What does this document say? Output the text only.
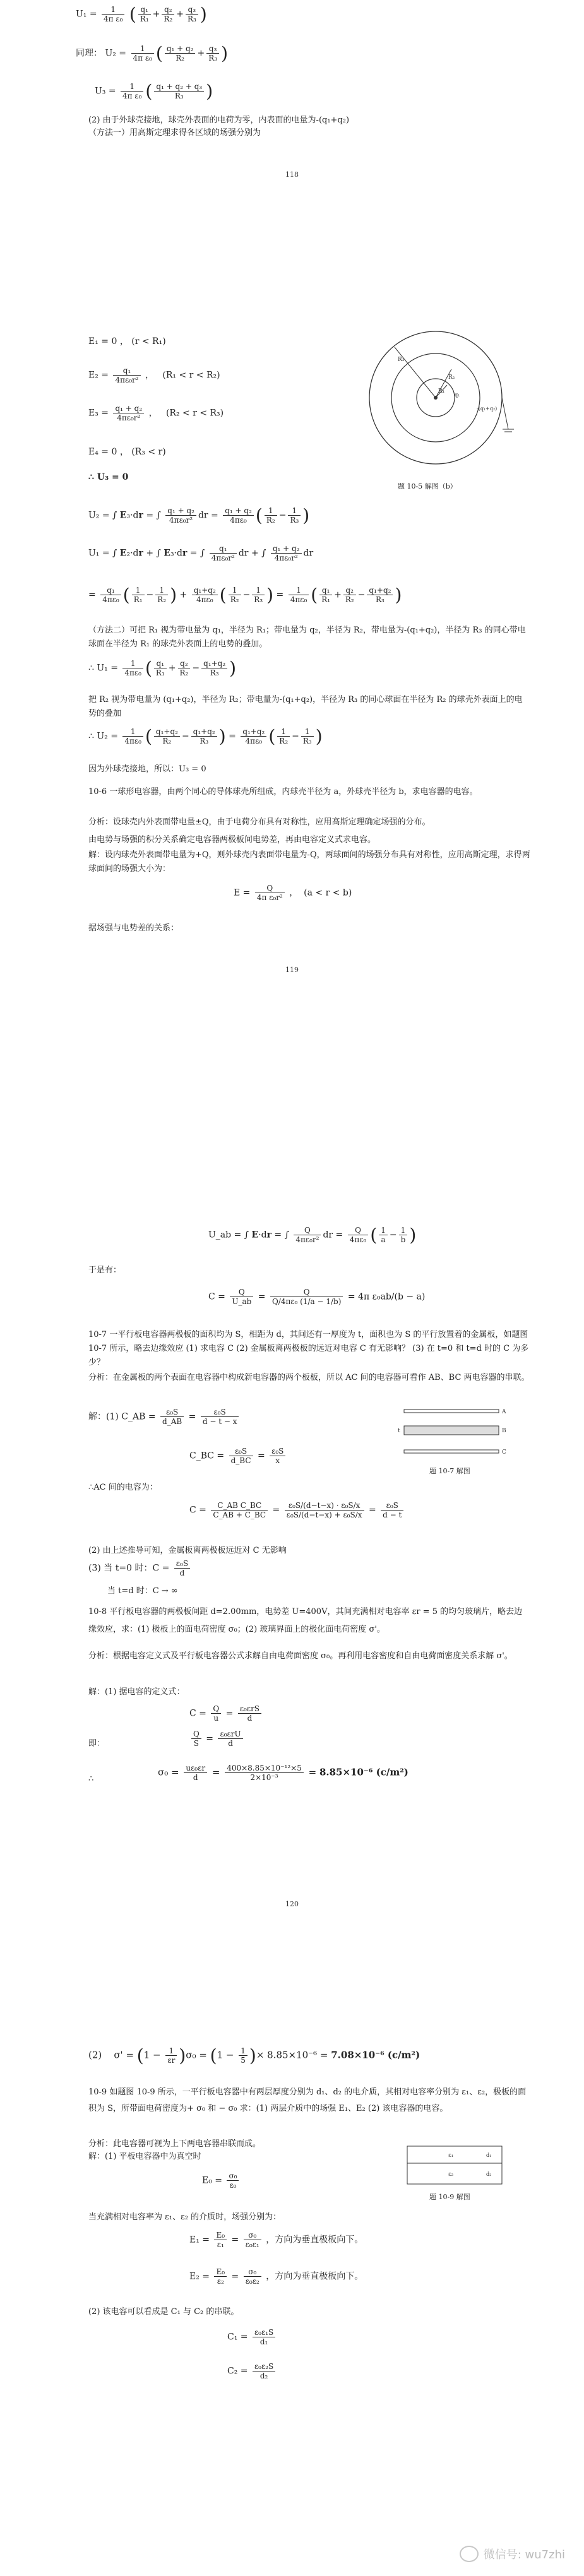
$U_1 = \frac{1}{\text{4π ε₀}}$ ( $\frac{\text{q₁}}{\text{R₁}} + \frac{\text{q₂}}{\text{R₂}} + \frac{\text{q₃}}{\text{R₃}}$ )
同理： $U_2 = \frac{1}{\text{4π ε₀}}$ ( $\frac{\text{q₁ + q₂}}{\text{R₂}} + \frac{\text{q₃}}{\text{R₃}}$ )
$U_3 = \frac{1}{\text{4π ε₀}}$ ( $\frac{\text{q₁ + q₂ + q₃}}{\text{R₃}}$ )
(2) 由于外球壳接地，球壳外表面的电荷为零，内表面的电量为-(q₁+q₂)
（方法一）用高斯定理求得各区域的场强分别为
118
E₁ = 0 ， (r < R₁)
$E_2 = \frac{\text{q₁}}{\text{4πε₀r²}}$ ，   (R₁ < r < R₂)
$E_3 = \frac{\text{q₁ + q₂}}{\text{4πε₀r²}}$ ，   (R₂ < r < R₃)
E₄ = 0 ， (R₃ < r)
∴ U₃ = 0
R₃
R₂
R₁
q₁
-(q₁+q₂)
题 10-5 解图（b）
U₂ = ∫ E₃·dr = ∫ $\frac{\text{q₁ + q₂}}{\text{4πε₀r²}}$ dr = $\frac{\text{q₁ + q₂}}{\text{4πε₀}}$ ( $\frac{1}{\text{R₂}} - \frac{1}{\text{R₃}}$ )
U₁ = ∫ E₂·dr + ∫ E₃·dr = ∫ $\frac{\text{q₁}}{\text{4πε₀r²}}$ dr + ∫ $\frac{\text{q₁ + q₂}}{\text{4πε₀r²}}$ dr
= $\frac{\text{q₁}}{\text{4πε₀}}$ ( $\frac{1}{\text{R₁}} - \frac{1}{\text{R₂}}$ ) + $\frac{\text{q₁+q₂}}{\text{4πε₀}}$ ( $\frac{1}{\text{R₂}} - \frac{1}{\text{R₃}}$ ) = $\frac{1}{\text{4πε₀}}$ ( $\frac{\text{q₁}}{\text{R₁}} + \frac{\text{q₂}}{\text{R₂}} - \frac{\text{q₁+q₂}}{\text{R₃}}$ )
（方法二）可把 R₁ 视为带电量为 q₁，半径为 R₁；带电量为 q₂，半径为 R₂，带电量为-(q₁+q₂)，半径为 R₃ 的同心带电球面在半径为 R₁ 的球壳外表面上的电势的叠加。
∴ $U_1 = \frac{1}{\text{4πε₀}}$ ( $\frac{\text{q₁}}{\text{R₁}} + \frac{\text{q₂}}{\text{R₂}} - \frac{\text{q₁+q₂}}{\text{R₃}}$ )
把 R₂ 视为带电量为 (q₁+q₂)，半径为 R₂；带电量为-(q₁+q₂)，半径为 R₃ 的同心球面在半径为 R₂ 的球壳外表面上的电势的叠加
∴ $U_2 = \frac{1}{\text{4πε₀}}$ ( $\frac{\text{q₁+q₂}}{\text{R₂}} - \frac{\text{q₁+q₂}}{\text{R₃}}$ ) = $\frac{\text{q₁+q₂}}{\text{4πε₀}}$ ( $\frac{1}{\text{R₂}} - \frac{1}{\text{R₃}}$ )
因为外球壳接地，所以：U₃ = 0
10-6 一球形电容器，由两个同心的导体球壳所组成，内球壳半径为 a，外球壳半径为 b，求电容器的电容。
分析：设球壳内外表面带电量±Q，由于电荷分布具有对称性，应用高斯定理确定场强的分布。
由电势与场强的积分关系确定电容器两极板间电势差，再由电容定义式求电容。
解：设内球壳外表面带电量为+Q，则外球壳内表面带电量为-Q，两球面间的场强分布具有对称性，应用高斯定理，求得两球面间的场强大小为：
$E = \frac{Q}{\text{4π ε₀r²}}$ ，  (a < r < b)
据场强与电势差的关系：
119
U_ab = ∫ E·dr = ∫ $\frac{Q}{\text{4πε₀r²}}$ dr = $\frac{Q}{\text{4πε₀}}$ ( $\frac{1}{a} - \frac{1}{b}$ )
于是有：
$C = \frac{Q}{U\_ab} = \frac{Q}{\text{Q/4πε₀ (1/a − 1/b)}} = 4\pi$ ε₀ab/(b − a)
10-7 一平行板电容器两极板的面积均为 S，相距为 d，其间还有一厚度为 t，面积也为 S 的平行放置着的金属板，如题图 10-7 所示，略去边缘效应 (1) 求电容 C (2) 金属板离两极板的远近对电容 C 有无影响？ (3) 在 t=0 和 t=d 时的 C 为多少？
分析：在金属板的两个表面在电容器中构成新电容器的两个板板，所以 AC 间的电容器可看作 AB、BC 两电容器的串联。
解：(1) C_AB = $\frac{\text{ε₀S}}{d\_AB} = \frac{\text{ε₀S}}{d - t - x}$
C_BC = $\frac{\text{ε₀S}}{d\_BC} = \frac{\text{ε₀S}}{x}$
A
B
C
t
题 10-7 解图
∴AC 间的电容为：
$C = \frac{\text{C\_AB C\_BC}}{C\_AB + C\_BC} = \frac{\text{ε₀S/(d−t−x) · ε₀S/x}}{\text{ε₀S/(d−t−x) + ε₀S/x}} = \frac{\text{ε₀S}}{d - t}$
(2) 由上述推导可知，金属板离两极板远近对 C 无影响
(3) 当 t=0 时：$C = \frac{\text{ε₀S}}{d}$
当 t=d 时：C → ∞
10-8 平行板电容器的两极板间距 d=2.00mm，电势差 U=400V，其间充满相对电容率 εr = 5 的均匀玻璃片，略去边缘效应，求：(1) 极板上的面电荷密度 σ₀；(2) 玻璃界面上的极化面电荷密度 σ'。
分析：根据电容定义式及平行板电容器公式求解自由电荷面密度 σ₀。再利用电容密度和自由电荷面密度关系求解 σ'。
解：(1) 据电容的定义式：
$C = \frac{Q}{u} = \frac{\text{ε₀εrS}}{d}$
即：	$\frac{Q}{S} = \frac{\text{ε₀εrU}}{d}$
∴
$\sigma_0 = \frac{\text{uε₀εr}}{d} = \frac{\text{400×8.85×10⁻¹²×5}}{\text{2×10⁻³}} = 8.85\times 10^{-6}$ (c/m²)
120
(2)    $\sigma' = (1 - \frac{1}{\varepsilon r} )\sigma_0 = (1 - \frac{1}{5}$ )× 8.85×10⁻⁶ = 7.08×10⁻⁶ (c/m²)
10-9 如题图 10-9 所示，一平行板电容器中有两层厚度分别为 d₁、d₂ 的电介质，其相对电容率分别为 ε₁、ε₂，极板的面积为 S，所带面电荷密度为+ σ₀ 和 − σ₀ 求：(1) 两层介质中的场强 E₁、E₂ (2) 该电容器的电容。
分析：此电容器可视为上下两电容器串联而成。
解：(1) 平板电容器中为真空时	ε₁
ε₂
d₁
d₂
题 10-9 解图
$E_0 = \frac{\text{σ₀}}{\text{ε₀}}$
当充满相对电容率为 ε₁、ε₂ 的介质时，场强分别为：
$E_1 = \frac{\text{E₀}}{\text{ε₁}} = \frac{\text{σ₀}}{\text{ε₀ε₁}}$ ，方向为垂直极板向下。
$E_2 = \frac{\text{E₀}}{\text{ε₂}} = \frac{\text{σ₀}}{\text{ε₀ε₂}}$ ，方向为垂直极板向下。
(2) 该电容可以看成是 C₁ 与 C₂ 的串联。
$C_1 = \frac{\text{ε₀ε₁S}}{\text{d₁}}$
$C_2 = \frac{\text{ε₀ε₂S}}{\text{d₂}}$
微信号: wu7zhi
